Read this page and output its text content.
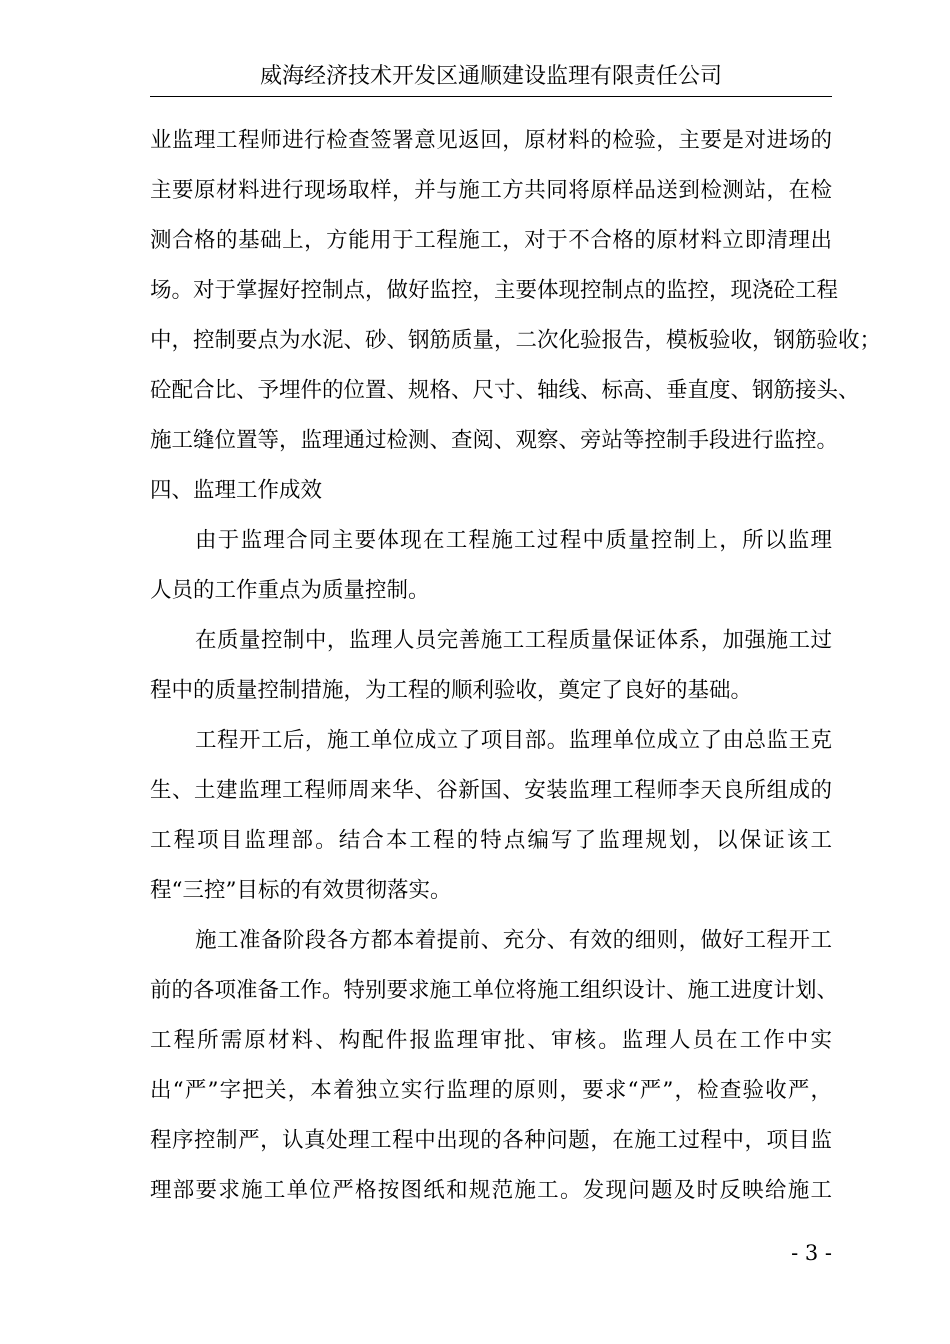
威海经济技术开发区通顺建设监理有限责任公司
业监理工程师进行检查签署意见返回，原材料的检验，主要是对进场的
主要原材料进行现场取样，并与施工方共同将原样品送到检测站，在检
测合格的基础上，方能用于工程施工，对于不合格的原材料立即清理出
场。对于掌握好控制点，做好监控，主要体现控制点的监控，现浇砼工程
中，控制要点为水泥、砂、钢筋质量，二次化验报告，模板验收，钢筋验收；
砼配合比、予埋件的位置、规格、尺寸、轴线、标高、垂直度、钢筋接头、
施工缝位置等，监理通过检测、查阅、观察、旁站等控制手段进行监控。
四、监理工作成效
由于监理合同主要体现在工程施工过程中质量控制上，所以监理
人员的工作重点为质量控制。
在质量控制中，监理人员完善施工工程质量保证体系，加强施工过
程中的质量控制措施，为工程的顺利验收，奠定了良好的基础。
工程开工后，施工单位成立了项目部。监理单位成立了由总监王克
生、土建监理工程师周来华、谷新国、安装监理工程师李天良所组成的
工程项目监理部。结合本工程的特点编写了监理规划，以保证该工
程“三控”目标的有效贯彻落实。
施工准备阶段各方都本着提前、充分、有效的细则，做好工程开工
前的各项准备工作。特别要求施工单位将施工组织设计、施工进度计划、
工程所需原材料、构配件报监理审批、审核。监理人员在工作中实
出“严”字把关，本着独立实行监理的原则，要求“严”，检查验收严，
程序控制严，认真处理工程中出现的各种问题，在施工过程中，项目监
理部要求施工单位严格按图纸和规范施工。发现问题及时反映给施工
- 3 -
